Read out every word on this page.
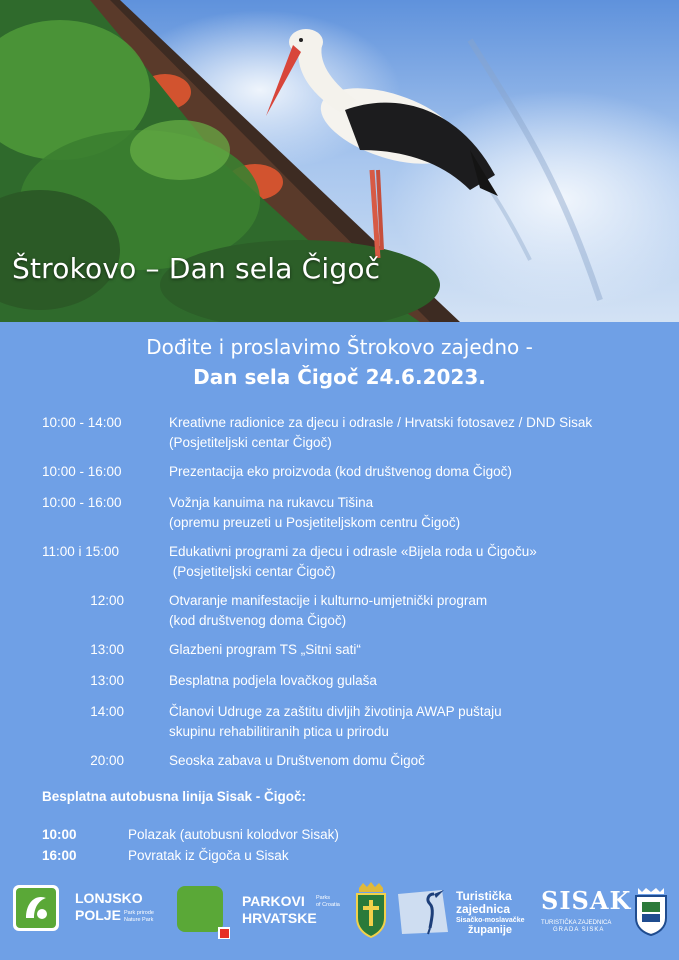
Štrokovo – Dan sela Čigoč
Dođite i proslavimo Štrokovo zajedno -
Dan sela Čigoč 24.6.2023.
10:00 - 14:00	Kreativne radionice za djecu i odrasle / Hrvatski fotosavez / DND Sisak
(Posjetiteljski centar Čigoč)
10:00 - 16:00	Prezentacija eko proizvoda (kod društvenog doma Čigoč)
10:00 - 16:00	Vožnja kanuima na rukavcu Tišina
(opremu preuzeti u Posjetiteljskom centru Čigoč)
11:00 i 15:00	Edukativni programi za djecu i odrasle «Bijela roda u Čigoču»
(Posjetiteljski centar Čigoč)
12:00	Otvaranje manifestacije i kulturno-umjetnički program
(kod društvenog doma Čigoč)
13:00	Glazbeni program TS „Sitni sati“
13:00	Besplatna podjela lovačkog gulaša
14:00	Članovi Udruge za zaštitu divljih životinja AWAP puštaju
skupinu rehabilitiranih ptica u prirodu
20:00	Seoska zabava u Društvenom domu Čigoč
Besplatna autobusna linija Sisak - Čigoč:
10:00	Polazak (autobusni kolodvor Sisak)
16:00	Povratak iz Čigoča u Sisak
LONJSKO
POLJE Park prirode
Nature Park
PARKOVI
HRVATSKE
Parks
of Croatia
Turistička
zajednica
Sisačko-moslavačke
županije
SISAK
TURISTIČKA ZAJEDNICA
GRADA SISKA
